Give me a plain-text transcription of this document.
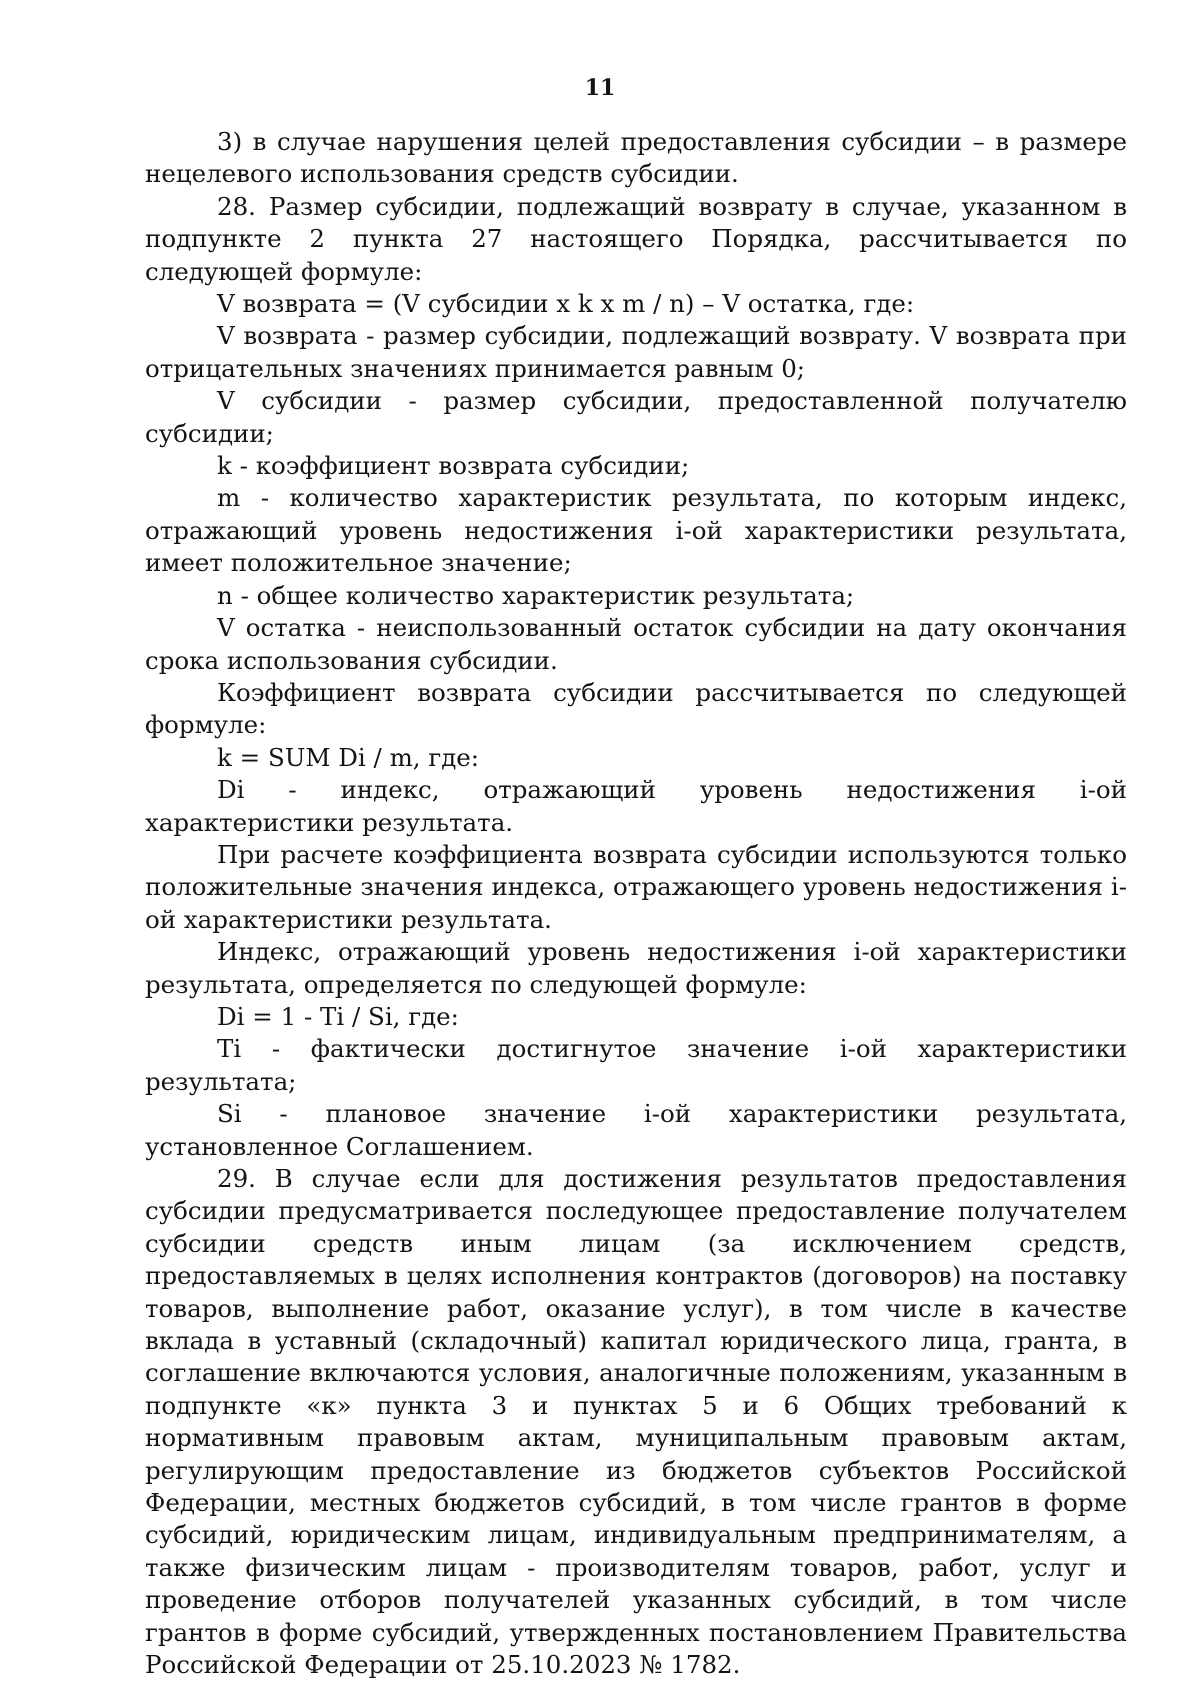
11

3) в случае нарушения целей предоставления субсидии – в размере нецелевого использования средств субсидии.

28. Размер субсидии, подлежащий возврату в случае, указанном в подпункте 2 пункта 27 настоящего Порядка, рассчитывается по следующей формуле:

V возврата = (V субсидии x k x m / n) – V остатка, где:

V возврата - размер субсидии, подлежащий возврату. V возврата при отрицательных значениях принимается равным 0;

V субсидии - размер субсидии, предоставленной получателю субсидии;

k - коэффициент возврата субсидии;

m - количество характеристик результата, по которым индекс, отражающий уровень недостижения i-ой характеристики результата, имеет положительное значение;

n - общее количество характеристик результата;

V остатка - неиспользованный остаток субсидии на дату окончания срока использования субсидии.

Коэффициент возврата субсидии рассчитывается по следующей формуле:

k = SUM Di / m, где:

Di - индекс, отражающий уровень недостижения i-ой характеристики результата.

При расчете коэффициента возврата субсидии используются только положительные значения индекса, отражающего уровень недостижения i-ой характеристики результата.

Индекс, отражающий уровень недостижения i-ой характеристики результата, определяется по следующей формуле:

Di = 1 - Ti / Si, где:

Ti - фактически достигнутое значение i-ой характеристики результата;

Si - плановое значение i-ой характеристики результата, установленное Соглашением.

29. В случае если для достижения результатов предоставления субсидии предусматривается последующее предоставление получателем субсидии средств иным лицам (за исключением средств, предоставляемых в целях исполнения контрактов (договоров) на поставку товаров, выполнение работ, оказание услуг), в том числе в качестве вклада в уставный (складочный) капитал юридического лица, гранта, в соглашение включаются условия, аналогичные положениям, указанным в подпункте «к» пункта 3 и пунктах 5 и 6 Общих требований к нормативным правовым актам, муниципальным правовым актам, регулирующим предоставление из бюджетов субъектов Российской Федерации, местных бюджетов субсидий, в том числе грантов в форме субсидий, юридическим лицам, индивидуальным предпринимателям, а также физическим лицам - производителям товаров, работ, услуг и проведение отборов получателей указанных субсидий, в том числе грантов в форме субсидий, утвержденных постановлением Правительства Российской Федерации от 25.10.2023 № 1782.
